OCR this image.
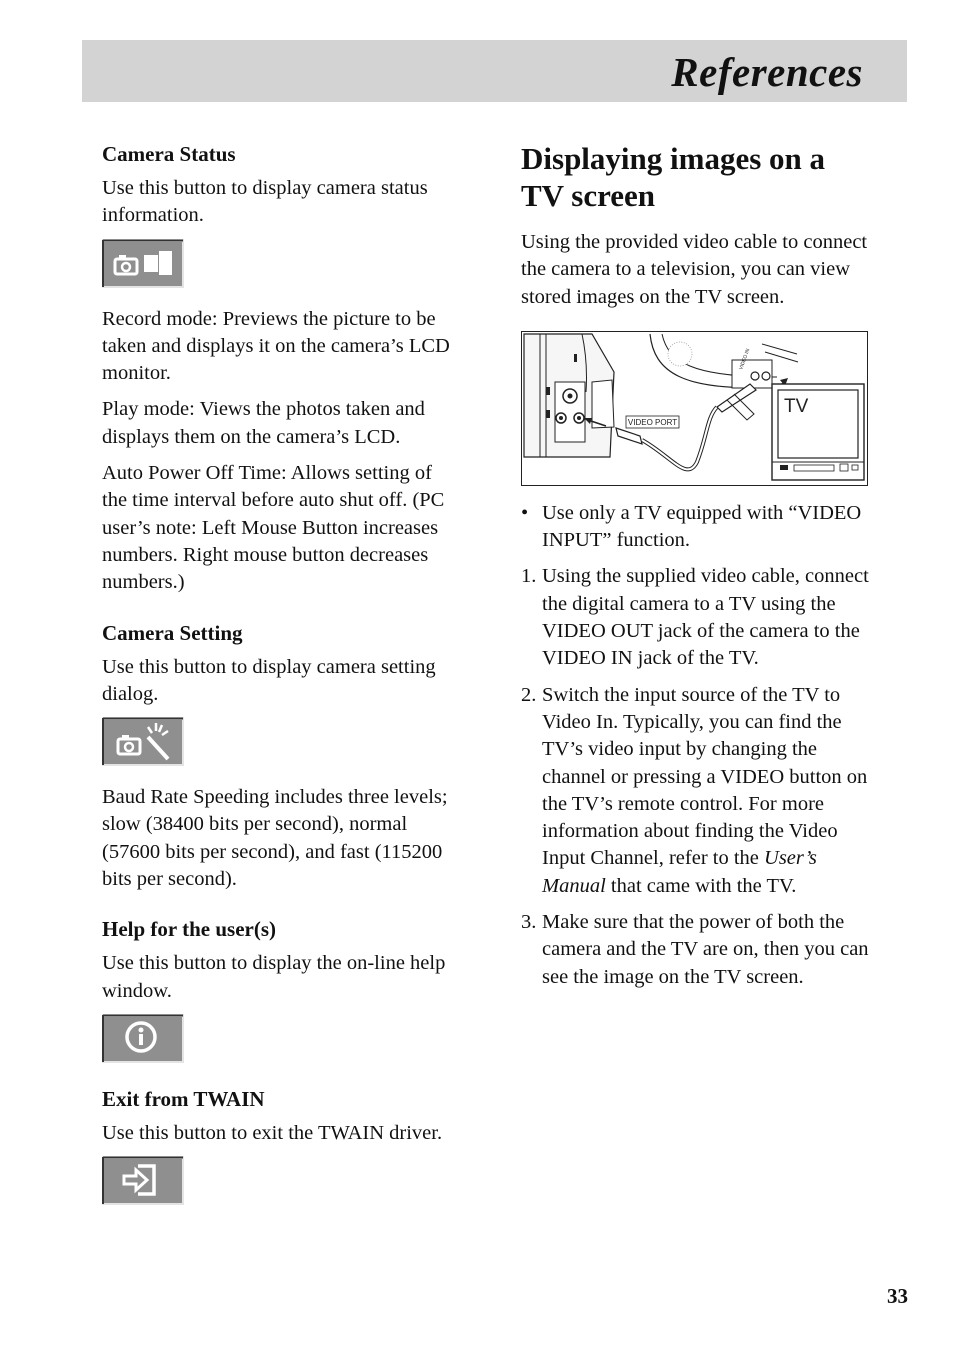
References
Camera Status

Use this button to display camera status information.

Record mode: Previews the picture to be taken and displays it on the camera’s LCD monitor.

Play mode: Views the photos taken and displays them on the camera’s LCD.

Auto Power Off Time: Allows setting of the time interval before auto shut off. (PC user’s note: Left Mouse Button increases numbers. Right mouse button decreases numbers.)

Camera Setting

Use this button to display camera setting dialog.

Baud Rate Speeding includes three levels; slow (38400 bits per second), normal (57600 bits per second), and fast (115200 bits per second).

Help for the user(s)

Use this button to display the on-line help window.

Exit from TWAIN

Use this button to exit the TWAIN driver.

Displaying images on a TV screen

Using the provided video cable to connect the camera to a television, you can view stored images on the TV screen.

VIDEO PORT
VIDEO IN
TV
• Use only a TV equipped with “VIDEO INPUT” function.
1. Using the supplied video cable, connect the digital camera to a TV using the VIDEO OUT jack of the camera to the VIDEO IN jack of the TV.
2. Switch the input source of the TV to Video In. Typically, you can find the TV’s video input by changing the channel or pressing a VIDEO button on the TV’s remote control. For more information about finding the Video Input Channel, refer to the User’s Manual that came with the TV.
3. Make sure that the power of both the camera and the TV are on, then you can see the image on the TV screen.
33
